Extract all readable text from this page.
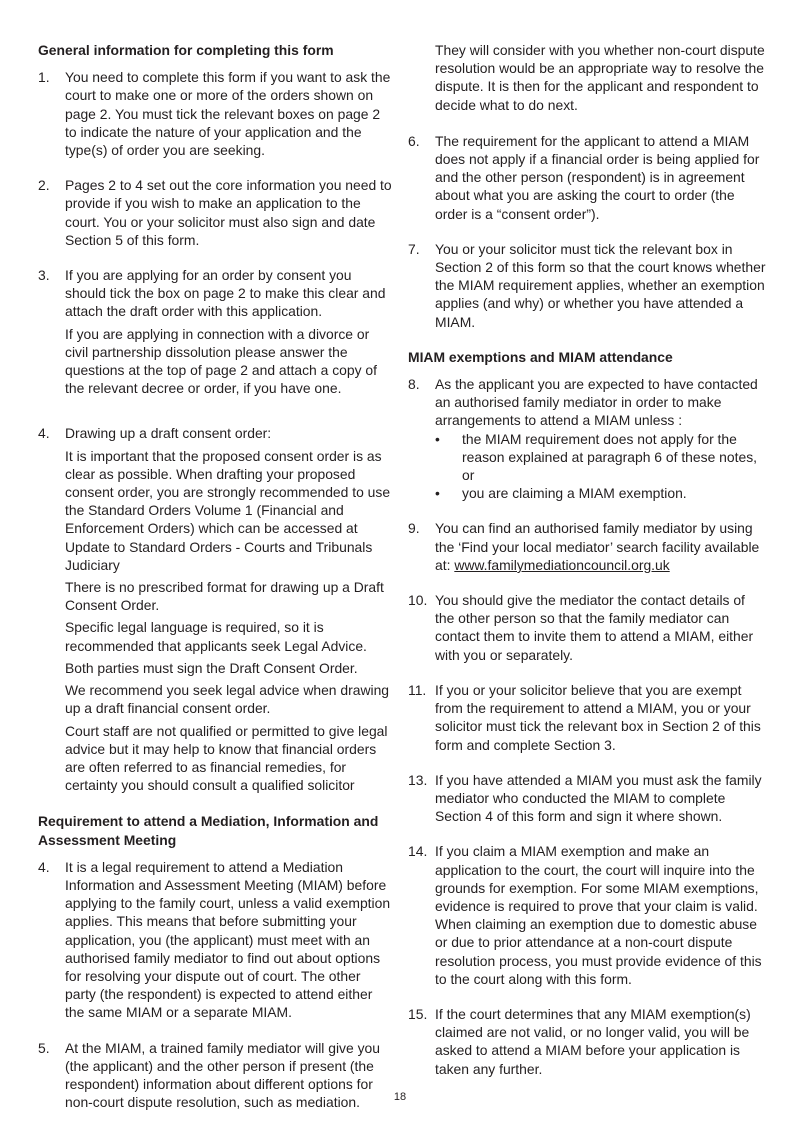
General information for completing this form
1.	You need to complete this form if you want to ask the court to make one or more of the orders shown on page 2. You must tick the relevant boxes on page 2 to indicate the nature of your application and the type(s) of order you are seeking.

2.	Pages 2 to 4 set out the core information you need to provide if you wish to make an application to the court. You or your solicitor must also sign and date Section 5 of this form.

3.	If you are applying for an order by consent you should tick the box on page 2 to make this clear and attach the draft order with this application.

If you are applying in connection with a divorce or civil partnership dissolution please answer the questions at the top of page 2 and attach a copy of the relevant decree or order, if you have one.

4.	Drawing up a draft consent order:

It is important that the proposed consent order is as clear as possible. When drafting your proposed consent order, you are strongly recommended to use the Standard Orders Volume 1 (Financial and Enforcement Orders) which can be accessed at Update to Standard Orders - Courts and Tribunals Judiciary

There is no prescribed format for drawing up a Draft Consent Order.

Specific legal language is required, so it is recommended that applicants seek Legal Advice.

Both parties must sign the Draft Consent Order.

We recommend you seek legal advice when drawing up a draft financial consent order.

Court staff are not qualified or permitted to give legal advice but it may help to know that financial orders are often referred to as financial remedies, for certainty you should consult a qualified solicitor

Requirement to attend a Mediation, Information and Assessment Meeting
4.	It is a legal requirement to attend a Mediation Information and Assessment Meeting (MIAM) before applying to the family court, unless a valid exemption applies. This means that before submitting your application, you (the applicant) must meet with an authorised family mediator to find out about options for resolving your dispute out of court. The other party (the respondent) is expected to attend either the same MIAM or a separate MIAM.

5.	At the MIAM, a trained family mediator will give you (the applicant) and the other person if present (the respondent) information about different options for non-court dispute resolution, such as mediation.

They will consider with you whether non-court dispute resolution would be an appropriate way to resolve the dispute. It is then for the applicant and respondent to decide what to do next.

6.	The requirement for the applicant to attend a MIAM does not apply if a financial order is being applied for and the other person (respondent) is in agreement about what you are asking the court to order (the order is a “consent order”).

7.	You or your solicitor must tick the relevant box in Section 2 of this form so that the court knows whether the MIAM requirement applies, whether an exemption applies (and why) or whether you have attended a MIAM.

MIAM exemptions and MIAM attendance
8.	As the applicant you are expected to have contacted an authorised family mediator in order to make arrangements to attend a MIAM unless :

•	the MIAM requirement does not apply for the reason explained at paragraph 6 of these notes, or
•	you are claiming a MIAM exemption.
9.	You can find an authorised family mediator by using the ‘Find your local mediator’ search facility available at: www.familymediationcouncil.org.uk

10. You should give the mediator the contact details of the other person so that the family mediator can contact them to invite them to attend a MIAM, either with you or separately.

11. If you or your solicitor believe that you are exempt from the requirement to attend a MIAM, you or your solicitor must tick the relevant box in Section 2 of this form and complete Section 3.

13. If you have attended a MIAM you must ask the family mediator who conducted the MIAM to complete Section 4 of this form and sign it where shown.

14. If you claim a MIAM exemption and make an application to the court, the court will inquire into the grounds for exemption. For some MIAM exemptions, evidence is required to prove that your claim is valid. When claiming an exemption due to domestic abuse or due to prior attendance at a non-court dispute resolution process, you must provide evidence of this to the court along with this form.

15. If the court determines that any MIAM exemption(s) claimed are not valid, or no longer valid, you will be asked to attend a MIAM before your application is taken any further.

18
